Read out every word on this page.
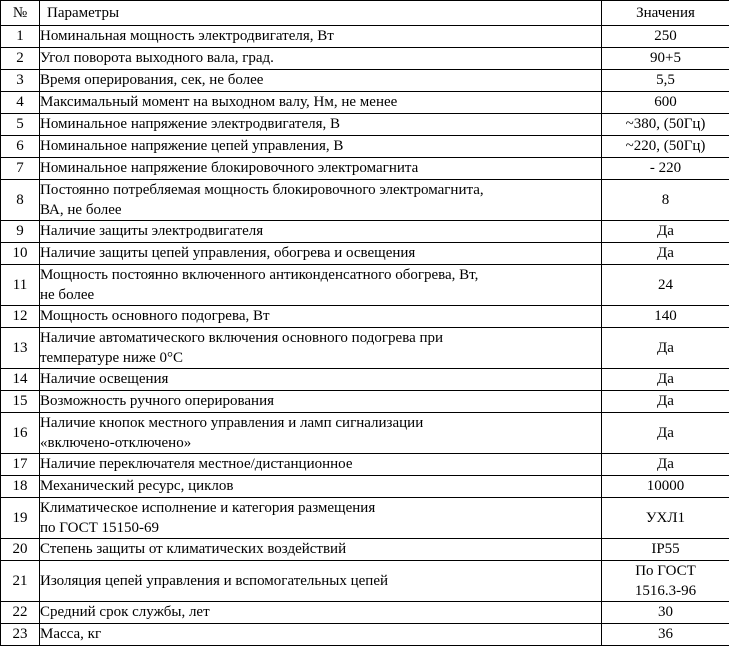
№	Параметры	Значения
1	Номинальная мощность электродвигателя, Вт	250

2	Угол поворота выходного вала, град.	90+5

3	Время оперирования, сек, не более	5,5

4	Максимальный момент на выходном валу, Нм, не менее	600

5	Номинальное напряжение электродвигателя, В	~380, (50Гц)

6	Номинальное напряжение цепей управления, В	~220, (50Гц)

7	Номинальное напряжение блокировочного электромагнита	- 220

8	Постоянно потребляемая мощность блокировочного электромагнита,
ВА, не более	8

9	Наличие защиты электродвигателя	Да

10	Наличие защиты цепей управления, обогрева и освещения	Да

11	Мощность постоянно включенного антиконденсатного обогрева, Вт,
не более	24

12	Мощность основного подогрева, Вт	140

13	Наличие автоматического включения основного подогрева при
температуре ниже 0°С	Да

14	Наличие освещения	Да

15	Возможность ручного оперирования	Да

16	Наличие кнопок местного управления и ламп сигнализации
«включено-отключено»	Да

17	Наличие переключателя местное/дистанционное	Да

18	Механический ресурс, циклов	10000

19	Климатическое исполнение и категория размещения
по ГОСТ 15150-69	УХЛ1

20	Степень защиты от климатических воздействий	IP55

21	Изоляция цепей управления и вспомогательных цепей	По ГОСТ
1516.3-96

22	Средний срок службы, лет	30

23	Масса, кг	36
